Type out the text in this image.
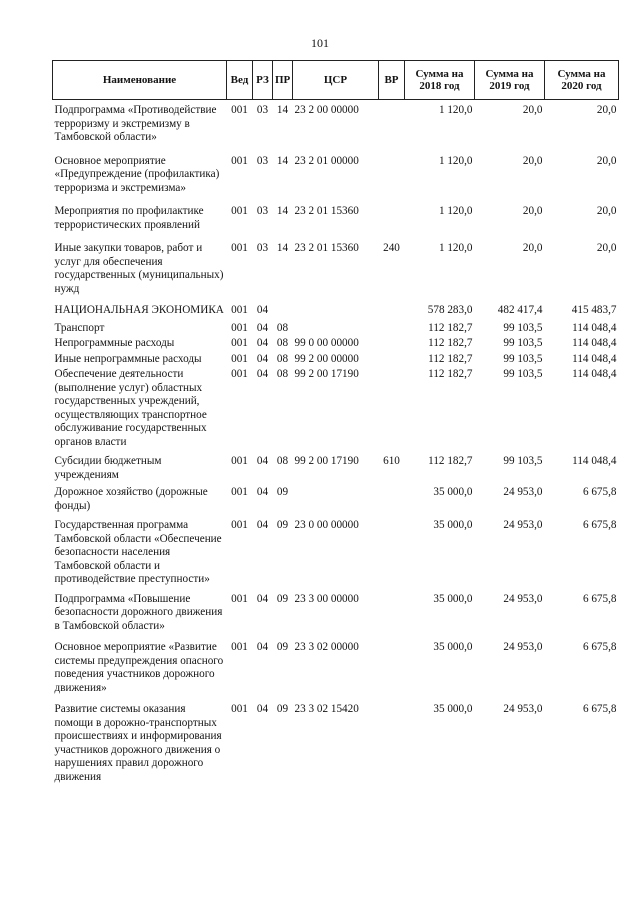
101
Наименование	Вед	РЗ	ПР	ЦСР	ВР	Сумма на 2018 год	Сумма на 2019 год	Сумма на 2020 год
Подпрограмма «Противодействие терроризму и экстремизму в Тамбовской области»	001	03	14	23 2 00 00000		1 120,0	20,0	20,0
Основное мероприятие «Предупреждение (профилактика) терроризма и экстремизма»	001	03	14	23 2 01 00000		1 120,0	20,0	20,0
Мероприятия по профилактике террористических проявлений	001	03	14	23 2 01 15360		1 120,0	20,0	20,0
Иные закупки товаров, работ и услуг для обеспечения государственных (муниципальных) нужд	001	03	14	23 2 01 15360	240	1 120,0	20,0	20,0
НАЦИОНАЛЬНАЯ ЭКОНОМИКА	001	04				578 283,0	482 417,4	415 483,7
Транспорт	001	04	08			112 182,7	99 103,5	114 048,4
Непрограммные расходы	001	04	08	99 0 00 00000		112 182,7	99 103,5	114 048,4
Иные непрограммные расходы	001	04	08	99 2 00 00000		112 182,7	99 103,5	114 048,4
Обеспечение деятельности (выполнение услуг) областных государственных учреждений, осуществляющих транспортное обслуживание государственных органов власти	001	04	08	99 2 00 17190		112 182,7	99 103,5	114 048,4
Субсидии бюджетным учреждениям	001	04	08	99 2 00 17190	610	112 182,7	99 103,5	114 048,4
Дорожное хозяйство (дорожные фонды)	001	04	09			35 000,0	24 953,0	6 675,8
Государственная программа Тамбовской области «Обеспечение безопасности населения Тамбовской области и противодействие преступности»	001	04	09	23 0 00 00000		35 000,0	24 953,0	6 675,8
Подпрограмма «Повышение безопасности дорожного движения в Тамбовской области»	001	04	09	23 3 00 00000		35 000,0	24 953,0	6 675,8
Основное мероприятие «Развитие системы предупреждения опасного поведения участников дорожного движения»	001	04	09	23 3 02 00000		35 000,0	24 953,0	6 675,8
Развитие системы оказания помощи в дорожно-транспортных происшествиях и информирования участников дорожного движения о нарушениях правил дорожного движения	001	04	09	23 3 02 15420		35 000,0	24 953,0	6 675,8
